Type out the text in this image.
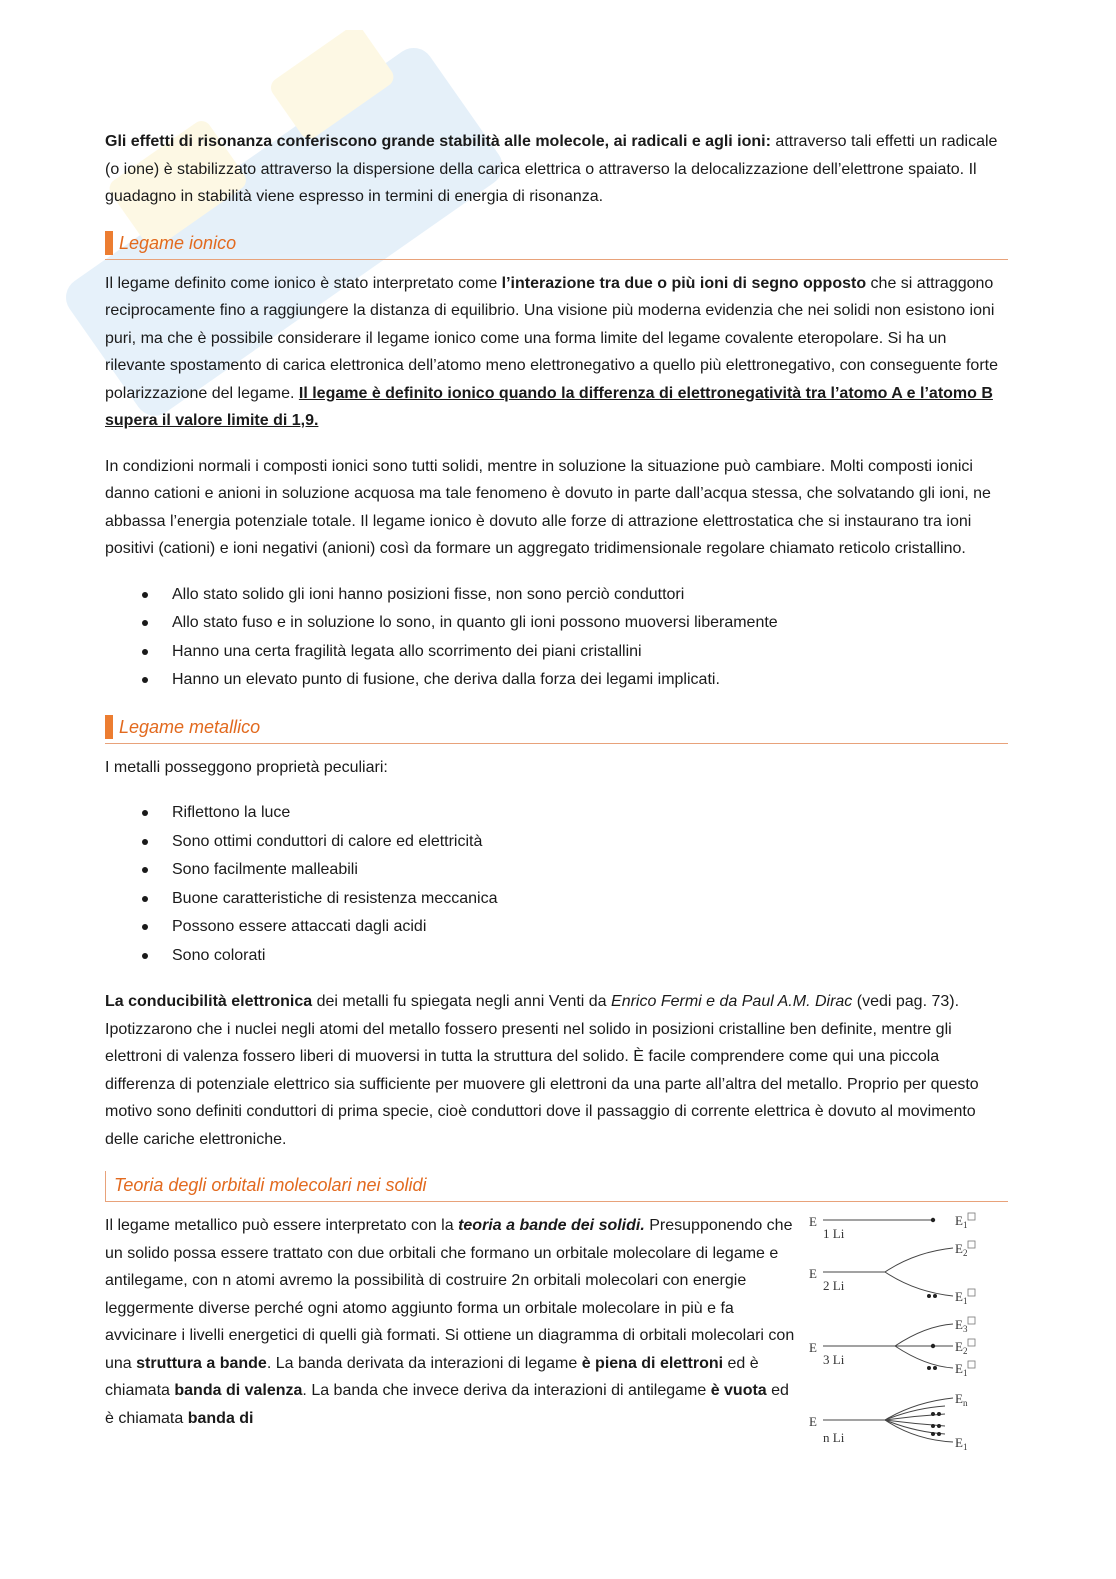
Gli effetti di risonanza conferiscono grande stabilità alle molecole, ai radicali e agli ioni: attraverso tali effetti un radicale (o ione) è stabilizzato attraverso la dispersione della carica elettrica o attraverso la delocalizzazione dell’elettrone spaiato. Il guadagno in stabilità viene espresso in termini di energia di risonanza.

Legame ionico

Il legame definito come ionico è stato interpretato come l’interazione tra due o più ioni di segno opposto che si attraggono reciprocamente fino a raggiungere la distanza di equilibrio. Una visione più moderna evidenzia che nei solidi non esistono ioni puri, ma che è possibile considerare il legame ionico come una forma limite del legame covalente eteropolare. Si ha un rilevante spostamento di carica elettronica dell’atomo meno elettronegativo a quello più elettronegativo, con conseguente forte polarizzazione del legame. Il legame è definito ionico quando la differenza di elettronegatività tra l’atomo A e l’atomo B supera il valore limite di 1,9.

In condizioni normali i composti ionici sono tutti solidi, mentre in soluzione la situazione può cambiare. Molti composti ionici danno cationi e anioni in soluzione acquosa ma tale fenomeno è dovuto in parte dall’acqua stessa, che solvatando gli ioni, ne abbassa l’energia potenziale totale. Il legame ionico è dovuto alle forze di attrazione elettrostatica che si instaurano tra ioni positivi (cationi) e ioni negativi (anioni) così da formare un aggregato tridimensionale regolare chiamato reticolo cristallino.

Allo stato solido gli ioni hanno posizioni fisse, non sono perciò conduttori
Allo stato fuso e in soluzione lo sono, in quanto gli ioni possono muoversi liberamente
Hanno una certa fragilità legata allo scorrimento dei piani cristallini
Hanno un elevato punto di fusione, che deriva dalla forza dei legami implicati.
Legame metallico

I metalli posseggono proprietà peculiari:

Riflettono la luce
Sono ottimi conduttori di calore ed elettricità
Sono facilmente malleabili
Buone caratteristiche di resistenza meccanica
Possono essere attaccati dagli acidi
Sono colorati

La conducibilità elettronica dei metalli fu spiegata negli anni Venti da Enrico Fermi e da Paul A.M. Dirac (vedi pag. 73). Ipotizzarono che i nuclei negli atomi del metallo fossero presenti nel solido in posizioni cristalline ben definite, mentre gli elettroni di valenza fossero liberi di muoversi in tutta la struttura del solido. È facile comprendere come qui una piccola differenza di potenziale elettrico sia sufficiente per muovere gli elettroni da una parte all’altra del metallo. Proprio per questo motivo sono definiti conduttori di prima specie, cioè conduttori dove il passaggio di corrente elettrica è dovuto al movimento delle cariche elettroniche.

Teoria degli orbitali molecolari nei solidi

Il legame metallico può essere interpretato con la teoria a bande dei solidi. Presupponendo che un solido possa essere trattato con due orbitali che formano un orbitale molecolare di legame e antilegame, con n atomi avremo la possibilità di costruire 2n orbitali molecolari con energie leggermente diverse perché ogni atomo aggiunto forma un orbitale molecolare in più e fa avvicinare i livelli energetici di quelli già formati. Si ottiene un diagramma di orbitali molecolari con una struttura a bande. La banda derivata da interazioni di legame è piena di elettroni ed è chiamata banda di valenza. La banda che invece deriva da interazioni di antilegame è vuota ed è chiamata banda di

E
1 Li
E
2 Li
E
3 Li
E
n Li
$E_1$
$E_2$
$E_1$
$E_3$
$E_2$
$E_1$
$E_n$
$E_1$
